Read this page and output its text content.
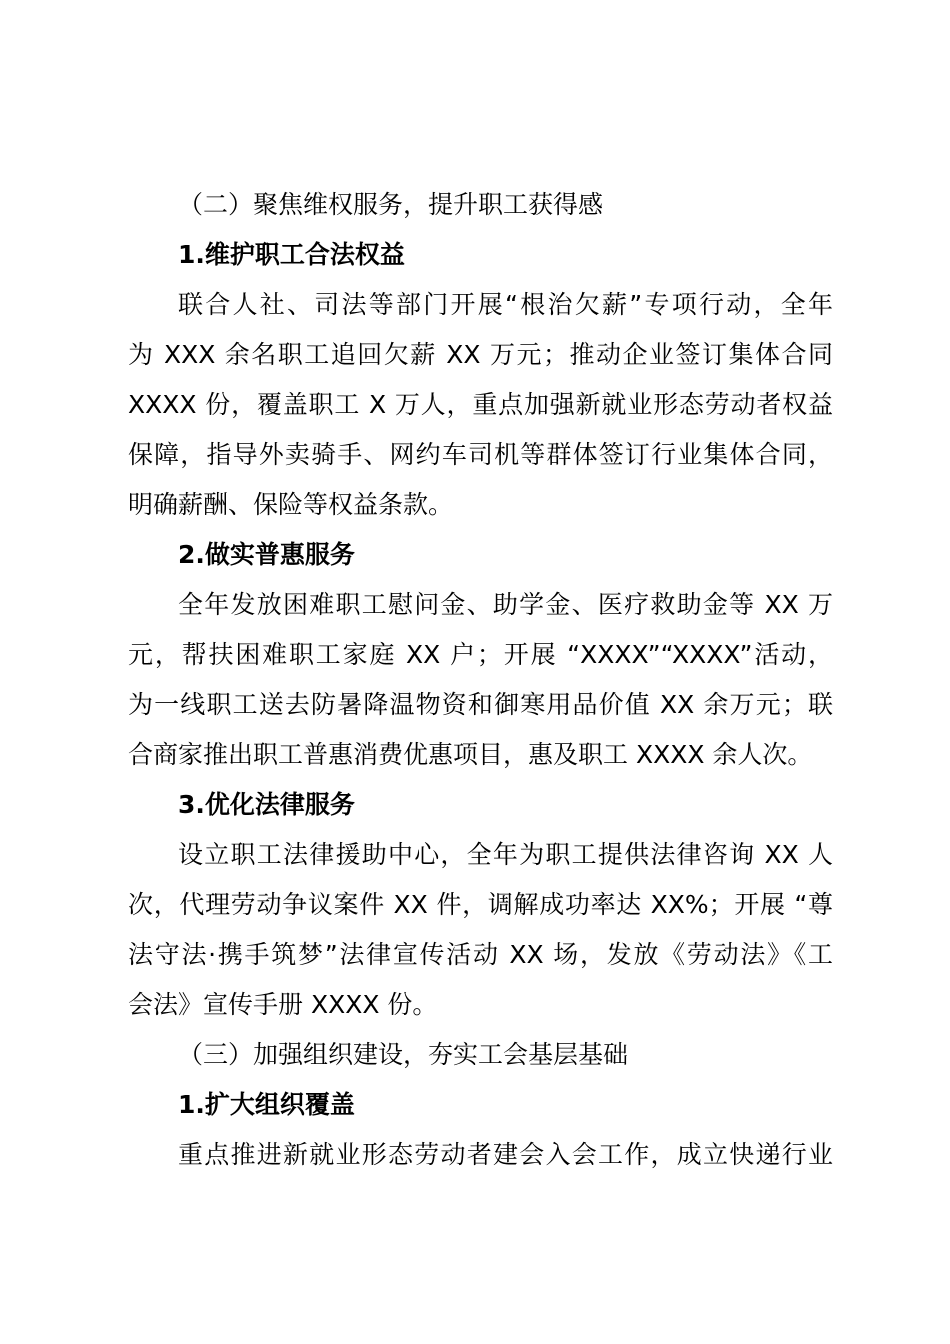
（二）聚焦维权服务，提升职工获得感
1.维护职工合法权益
联合人社、司法等部门开展“根治欠薪”专项行动，全年
为 XXX 余名职工追回欠薪 XX 万元；推动企业签订集体合同
XXXX 份，覆盖职工 X 万人，重点加强新就业形态劳动者权益
保障，指导外卖骑手、网约车司机等群体签订行业集体合同，
明确薪酬、保险等权益条款。
2.做实普惠服务
全年发放困难职工慰问金、助学金、医疗救助金等 XX 万
元，帮扶困难职工家庭 XX 户；开展 “XXXX”“XXXX”活动，
为一线职工送去防暑降温物资和御寒用品价值 XX 余万元；联
合商家推出职工普惠消费优惠项目，惠及职工 XXXX 余人次。
3.优化法律服务
设立职工法律援助中心，全年为职工提供法律咨询 XX 人
次，代理劳动争议案件 XX 件，调解成功率达 XX%；开展 “尊
法守法·携手筑梦”法律宣传活动 XX 场，发放《劳动法》《工
会法》宣传手册 XXXX 份。
（三）加强组织建设，夯实工会基层基础
1.扩大组织覆盖
重点推进新就业形态劳动者建会入会工作，成立快递行业
